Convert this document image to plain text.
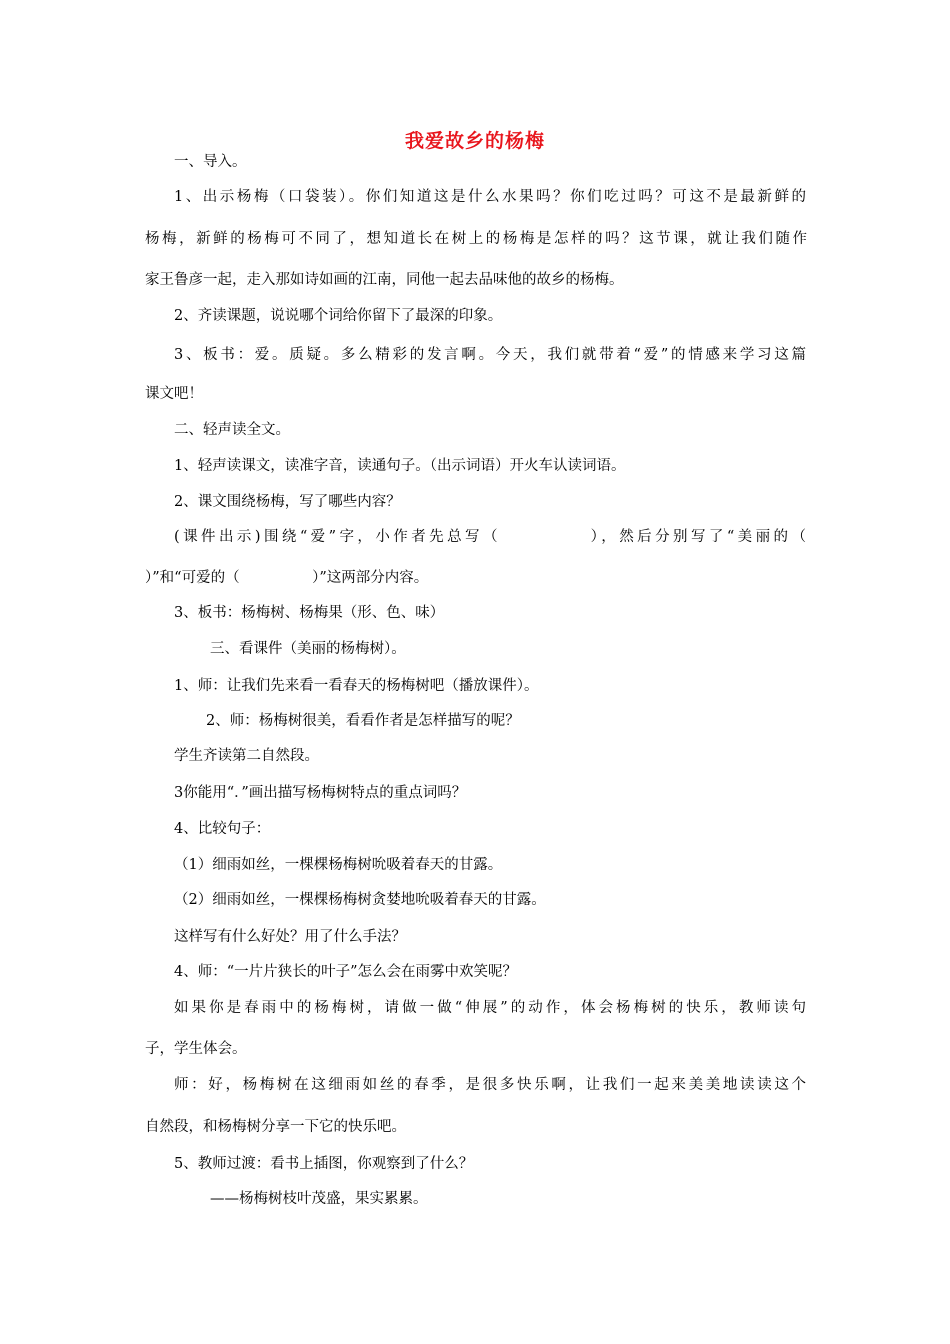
我爱故乡的杨梅
一、导入。
1、出示杨梅（口袋装）。你们知道这是什么水果吗？你们吃过吗？可这不是最新鲜的
杨梅，新鲜的杨梅可不同了，想知道长在树上的杨梅是怎样的吗？这节课，就让我们随作
家王鲁彦一起，走入那如诗如画的江南，同他一起去品味他的故乡的杨梅。
2、齐读课题，说说哪个词给你留下了最深的印象。
3、板书：爱。质疑。多么精彩的发言啊。今天，我们就带着“爱”的情感来学习这篇
课文吧！
二、轻声读全文。
1、轻声读课文，读准字音，读通句子。（出示词语）开火车认读词语。
2、课文围绕杨梅，写了哪些内容？
(课件出示)围绕“爱”字，小作者先总写（　　　　　），然后分别写了“美丽的（
）”和“可爱的（　　　　　）”这两部分内容。
3、板书：杨梅树、杨梅果（形、色、味）
三、看课件（美丽的杨梅树）。
1、师：让我们先来看一看春天的杨梅树吧（播放课件）。
2、师：杨梅树很美，看看作者是怎样描写的呢？
学生齐读第二自然段。
3你能用“．”画出描写杨梅树特点的重点词吗？
4、比较句子：
（1）细雨如丝，一棵棵杨梅树吮吸着春天的甘露。
（2）细雨如丝，一棵棵杨梅树贪婪地吮吸着春天的甘露。
这样写有什么好处？用了什么手法？
4、师：“一片片狭长的叶子”怎么会在雨雾中欢笑呢？
如果你是春雨中的杨梅树，请做一做“伸展”的动作，体会杨梅树的快乐，教师读句
子，学生体会。
师：好，杨梅树在这细雨如丝的春季，是很多快乐啊，让我们一起来美美地读读这个
自然段，和杨梅树分享一下它的快乐吧。
5、教师过渡：看书上插图，你观察到了什么？
——杨梅树枝叶茂盛，果实累累。
